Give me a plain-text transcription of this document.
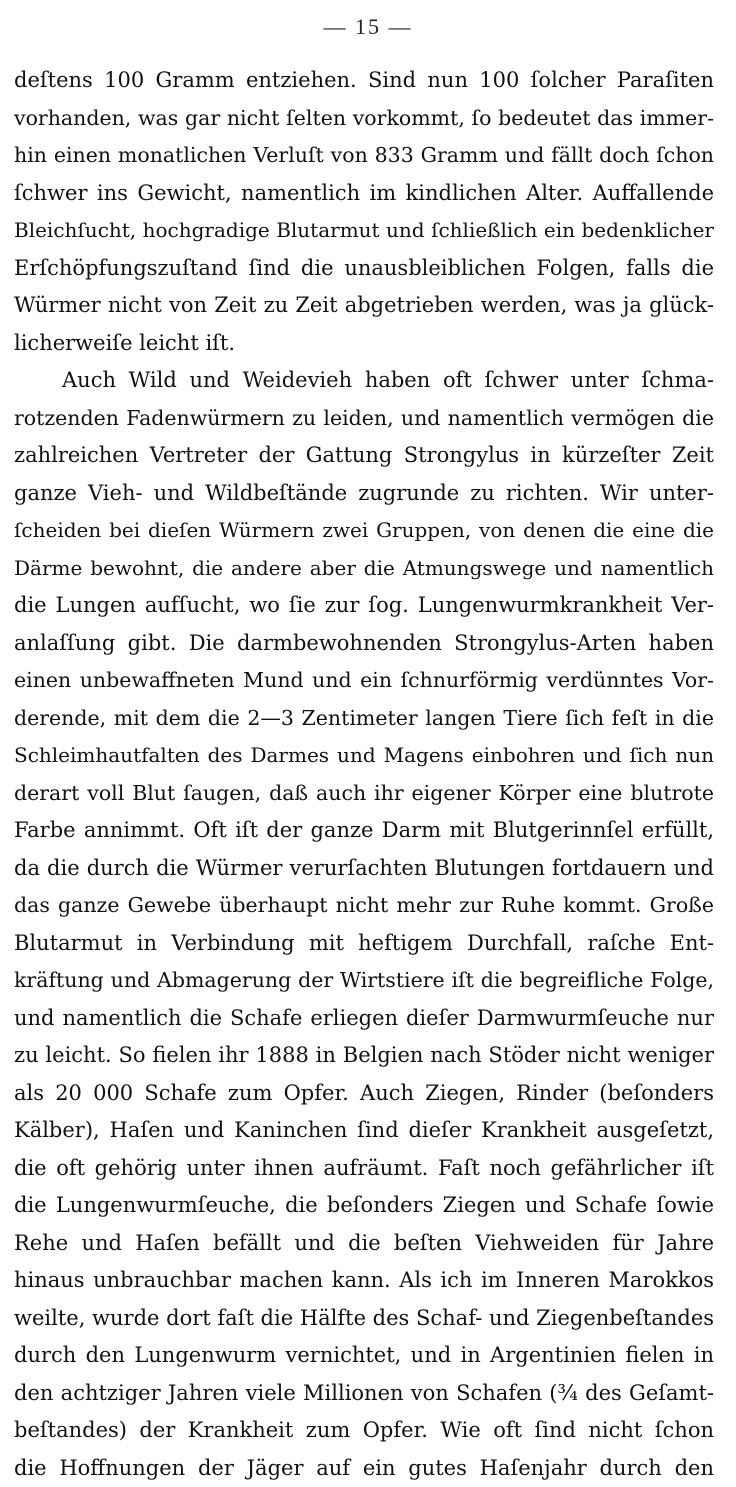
— 15 —
deſtens 100 Gramm entziehen. Sind nun 100 ſolcher Paraſiten
vorhanden, was gar nicht ſelten vorkommt, ſo bedeutet das immer-
hin einen monatlichen Verluſt von 833 Gramm und fällt doch ſchon
ſchwer ins Gewicht, namentlich im kindlichen Alter. Auffallende
Bleichſucht, hochgradige Blutarmut und ſchließlich ein bedenklicher
Erſchöpfungszuſtand ſind die unausbleiblichen Folgen, falls die
Würmer nicht von Zeit zu Zeit abgetrieben werden, was ja glück-
licherweiſe leicht iſt.
Auch Wild und Weidevieh haben oft ſchwer unter ſchma-
rotzenden Fadenwürmern zu leiden, und namentlich vermögen die
zahlreichen Vertreter der Gattung Strongylus in kürzeſter Zeit
ganze Vieh- und Wildbeſtände zugrunde zu richten. Wir unter-
ſcheiden bei dieſen Würmern zwei Gruppen, von denen die eine die
Därme bewohnt, die andere aber die Atmungswege und namentlich
die Lungen aufſucht, wo ſie zur ſog. Lungenwurmkrankheit Ver-
anlaſſung gibt. Die darmbewohnenden Strongylus-Arten haben
einen unbewaffneten Mund und ein ſchnurförmig verdünntes Vor-
derende, mit dem die 2—3 Zentimeter langen Tiere ſich feſt in die
Schleimhautfalten des Darmes und Magens einbohren und ſich nun
derart voll Blut ſaugen, daß auch ihr eigener Körper eine blutrote
Farbe annimmt. Oft iſt der ganze Darm mit Blutgerinnſel erfüllt,
da die durch die Würmer verurſachten Blutungen fortdauern und
das ganze Gewebe überhaupt nicht mehr zur Ruhe kommt. Große
Blutarmut in Verbindung mit heftigem Durchfall, raſche Ent-
kräftung und Abmagerung der Wirtstiere iſt die begreifliche Folge,
und namentlich die Schafe erliegen dieſer Darmwurmſeuche nur
zu leicht. So fielen ihr 1888 in Belgien nach Stöder nicht weniger
als 20 000 Schafe zum Opfer. Auch Ziegen, Rinder (beſonders
Kälber), Haſen und Kaninchen ſind dieſer Krankheit ausgeſetzt,
die oft gehörig unter ihnen aufräumt. Faſt noch gefährlicher iſt
die Lungenwurmſeuche, die beſonders Ziegen und Schafe ſowie
Rehe und Haſen befällt und die beſten Viehweiden für Jahre
hinaus unbrauchbar machen kann. Als ich im Inneren Marokkos
weilte, wurde dort faſt die Hälfte des Schaf- und Ziegenbeſtandes
durch den Lungenwurm vernichtet, und in Argentinien fielen in
den achtziger Jahren viele Millionen von Schafen (¾ des Geſamt-
beſtandes) der Krankheit zum Opfer. Wie oft ſind nicht ſchon
die Hoffnungen der Jäger auf ein gutes Haſenjahr durch den
